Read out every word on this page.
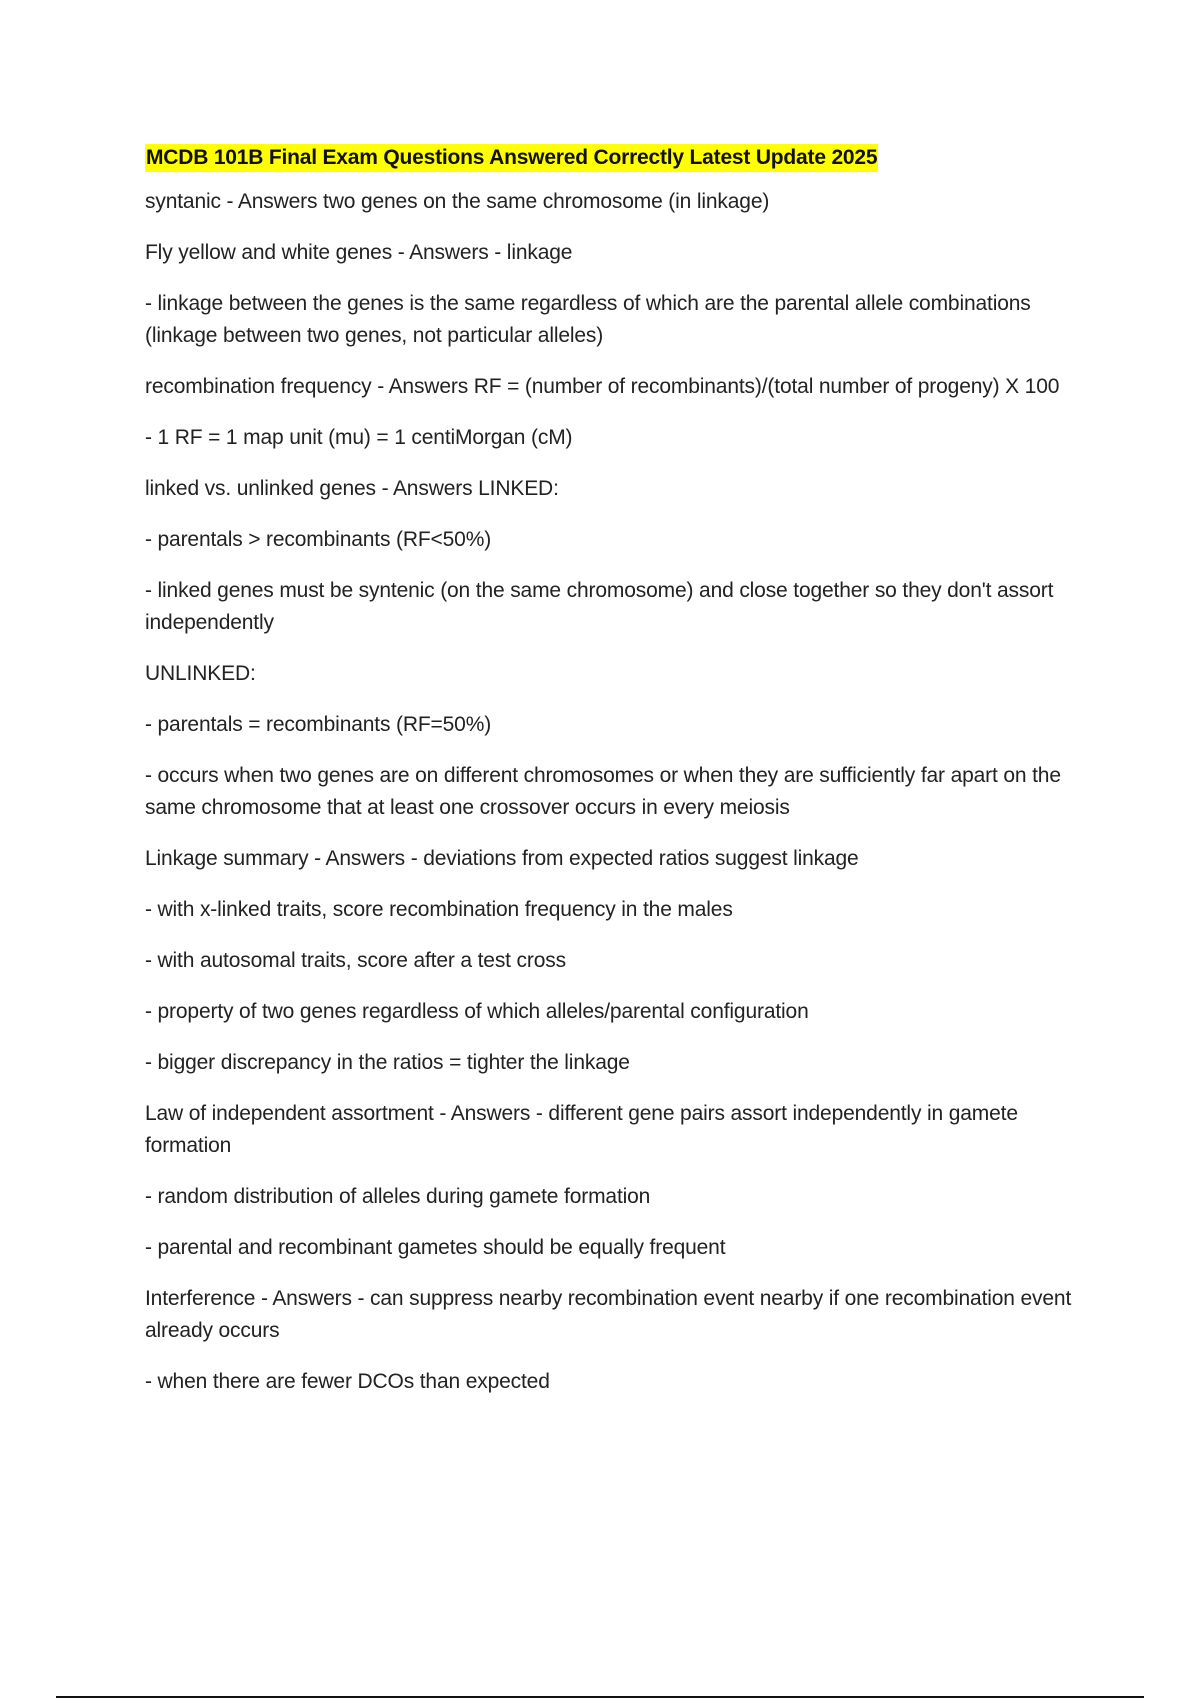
MCDB 101B Final Exam Questions Answered Correctly Latest Update 2025

syntanic - Answers two genes on the same chromosome (in linkage)

Fly yellow and white genes - Answers - linkage

- linkage between the genes is the same regardless of which are the parental allele combinations (linkage between two genes, not particular alleles)

recombination frequency - Answers RF = (number of recombinants)/(total number of progeny) X 100

- 1 RF = 1 map unit (mu) = 1 centiMorgan (cM)

linked vs. unlinked genes - Answers LINKED:

- parentals > recombinants (RF<50%)

- linked genes must be syntenic (on the same chromosome) and close together so they don't assort independently

UNLINKED:

- parentals = recombinants (RF=50%)

- occurs when two genes are on different chromosomes or when they are sufficiently far apart on the same chromosome that at least one crossover occurs in every meiosis

Linkage summary - Answers - deviations from expected ratios suggest linkage

- with x-linked traits, score recombination frequency in the males

- with autosomal traits, score after a test cross

- property of two genes regardless of which alleles/parental configuration

- bigger discrepancy in the ratios = tighter the linkage

Law of independent assortment - Answers - different gene pairs assort independently in gamete formation

- random distribution of alleles during gamete formation

- parental and recombinant gametes should be equally frequent

Interference - Answers - can suppress nearby recombination event nearby if one recombination event already occurs

- when there are fewer DCOs than expected
